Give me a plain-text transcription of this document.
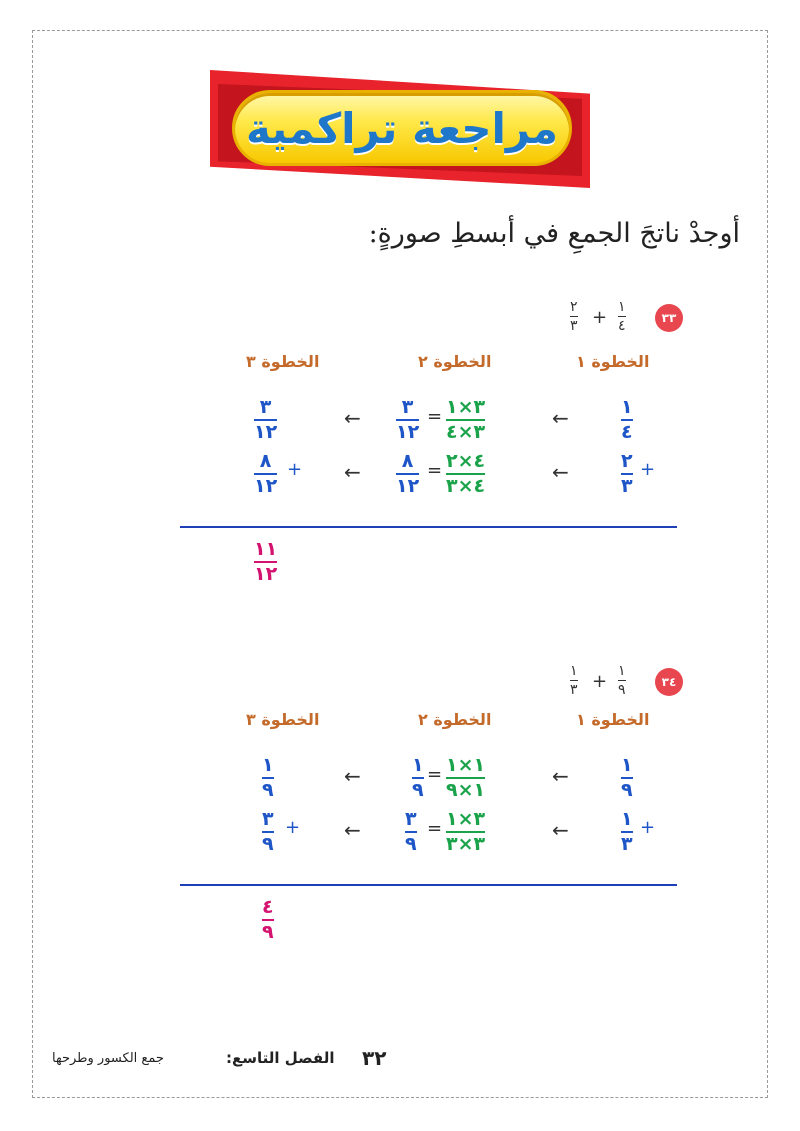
مراجعة تراكمية
أوجدْ ناتجَ الجمعِ في أبسطِ صورةٍ:
٣٣
١
٤
+
٢
٣
الخطوة ١
الخطوة ٢
الخطوة ٣
١
٤
←
٣×١
٣×٤
=
٣
١٢
←
٣
١٢
+
٢
٣
←
٤×٢
٤×٣
=
٨
١٢
←
+
٨
١٢
١١
١٢
٣٤
١
٩
+
١
٣
الخطوة ١
الخطوة ٢
الخطوة ٣
١
٩
←
١×١
١×٩
=
١
٩
←
١
٩
+
١
٣
←
٣×١
٣×٣
=
٣
٩
←
+
٣
٩
٤
٩
٣٢
الفصل التاسع:
جمع الكسور وطرحها
